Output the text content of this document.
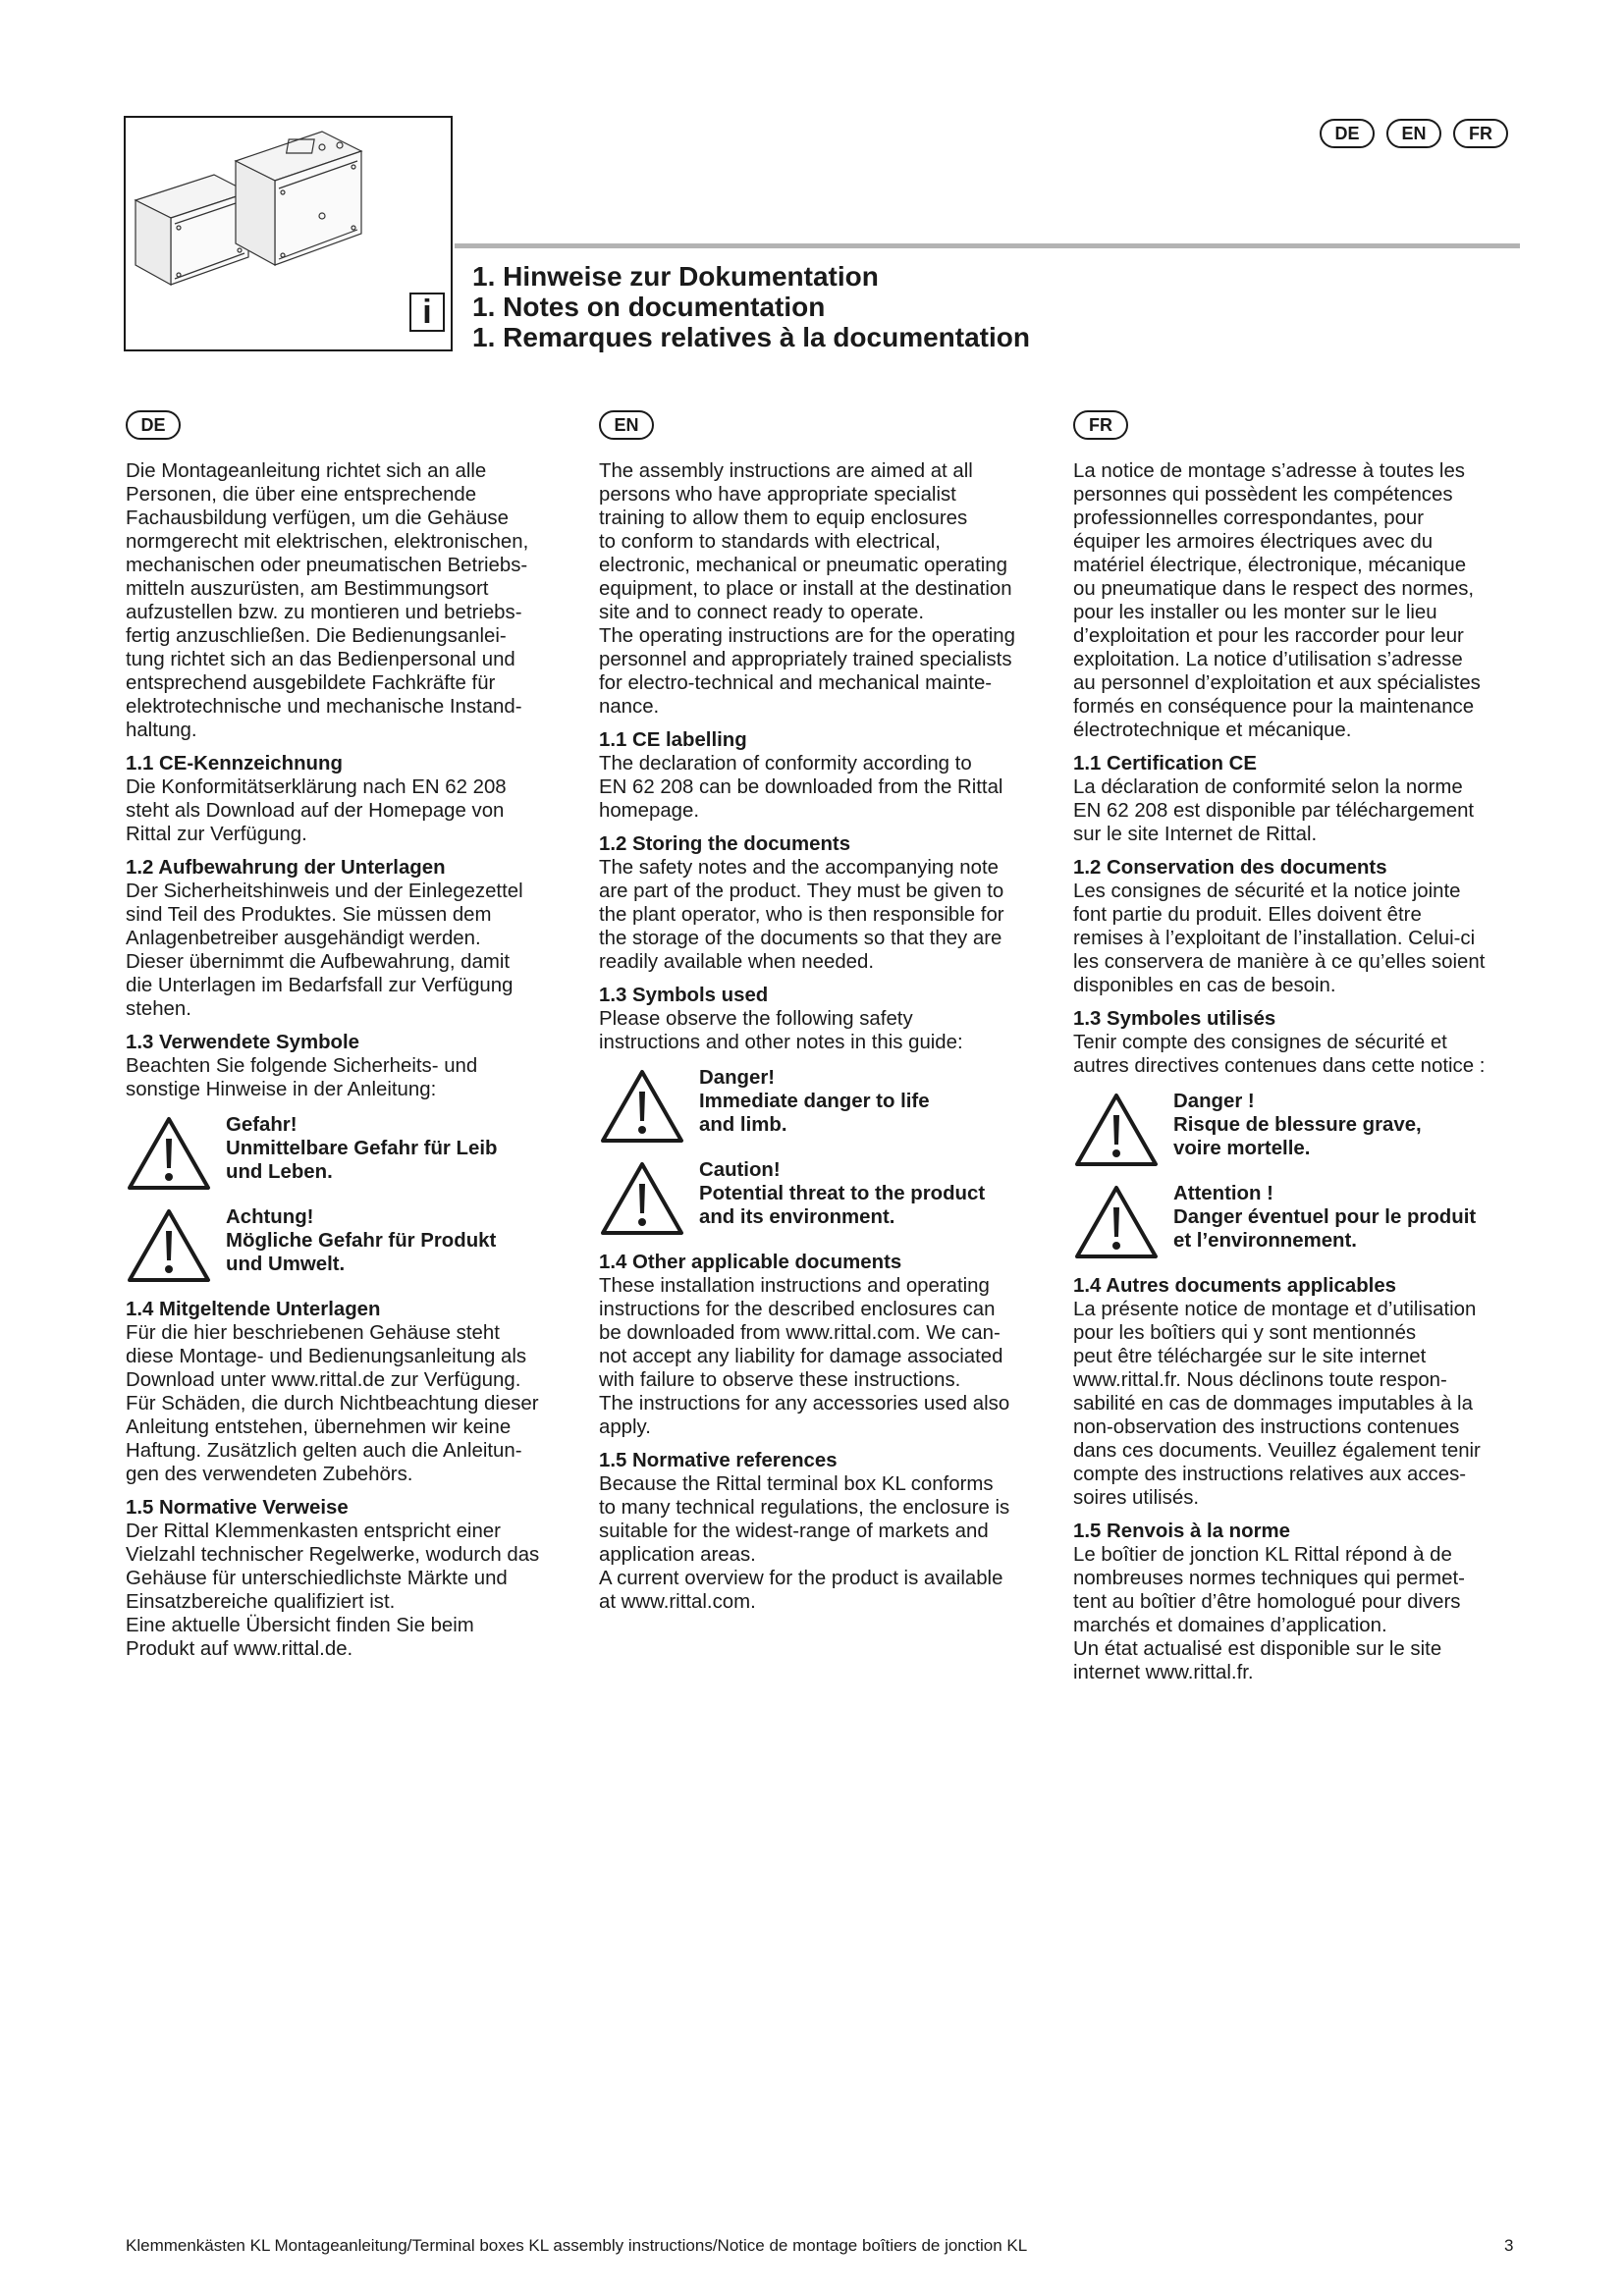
i
DE	EN	FR
1. Hinweise zur Dokumentation
1. Notes on documentation
1. Remarques relatives à la documentation
DE

Die Montageanleitung richtet sich an alle
Personen, die über eine entsprechende
Fachausbildung verfügen, um die Gehäuse
normgerecht mit elektrischen, elektronischen,
mechanischen oder pneumatischen Betriebs-
mitteln auszurüsten, am Bestimmungsort
aufzustellen bzw. zu montieren und betriebs-
fertig anzuschließen. Die Bedienungsanlei-
tung richtet sich an das Bedienpersonal und
entsprechend ausgebildete Fachkräfte für
elektrotechnische und mechanische Instand-
haltung.

1.1 CE-Kennzeichnung

Die Konformitätserklärung nach EN 62 208
steht als Download auf der Homepage von
Rittal zur Verfügung.

1.2 Aufbewahrung der Unterlagen

Der Sicherheitshinweis und der Einlegezettel
sind Teil des Produktes. Sie müssen dem
Anlagenbetreiber ausgehändigt werden.
Dieser übernimmt die Aufbewahrung, damit
die Unterlagen im Bedarfsfall zur Verfügung
stehen.

1.3 Verwendete Symbole

Beachten Sie folgende Sicherheits- und
sonstige Hinweise in der Anleitung:

Gefahr!
Unmittelbare Gefahr für Leib
und Leben.
Achtung!
Mögliche Gefahr für Produkt
und Umwelt.
1.4 Mitgeltende Unterlagen

Für die hier beschriebenen Gehäuse steht
diese Montage- und Bedienungsanleitung als
Download unter www.rittal.de zur Verfügung.
Für Schäden, die durch Nichtbeachtung dieser
Anleitung entstehen, übernehmen wir keine
Haftung. Zusätzlich gelten auch die Anleitun-
gen des verwendeten Zubehörs.

1.5 Normative Verweise

Der Rittal Klemmenkasten entspricht einer
Vielzahl technischer Regelwerke, wodurch das
Gehäuse für unterschiedlichste Märkte und
Einsatzbereiche qualifiziert ist.
Eine aktuelle Übersicht finden Sie beim
Produkt auf www.rittal.de.

EN

The assembly instructions are aimed at all
persons who have appropriate specialist
training to allow them to equip enclosures
to conform to standards with electrical,
electronic, mechanical or pneumatic operating
equipment, to place or install at the destination
site and to connect ready to operate.
The operating instructions are for the operating
personnel and appropriately trained specialists
for electro-technical and mechanical mainte-
nance.

1.1 CE labelling

The declaration of conformity according to
EN 62 208 can be downloaded from the Rittal
homepage.

1.2 Storing the documents

The safety notes and the accompanying note
are part of the product. They must be given to
the plant operator, who is then responsible for
the storage of the documents so that they are
readily available when needed.

1.3 Symbols used

Please observe the following safety
instructions and other notes in this guide:

Danger!
Immediate danger to life
and limb.
Caution!
Potential threat to the product
and its environment.
1.4 Other applicable documents

These installation instructions and operating
instructions for the described enclosures can
be downloaded from www.rittal.com. We can-
not accept any liability for damage associated
with failure to observe these instructions.
The instructions for any accessories used also
apply.

1.5 Normative references

Because the Rittal terminal box KL conforms
to many technical regulations, the enclosure is
suitable for the widest-range of markets and
application areas.
A current overview for the product is available
at www.rittal.com.

FR

La notice de montage s’adresse à toutes les
personnes qui possèdent les compétences
professionnelles correspondantes, pour
équiper les armoires électriques avec du
matériel électrique, électronique, mécanique
ou pneumatique dans le respect des normes,
pour les installer ou les monter sur le lieu
d’exploitation et pour les raccorder pour leur
exploitation. La notice d’utilisation s’adresse
au personnel d’exploitation et aux spécialistes
formés en conséquence pour la maintenance
électrotechnique et mécanique.

1.1 Certification CE

La déclaration de conformité selon la norme
EN 62 208 est disponible par téléchargement
sur le site Internet de Rittal.

1.2 Conservation des documents

Les consignes de sécurité et la notice jointe
font partie du produit. Elles doivent être
remises à l’exploitant de l’installation. Celui-ci
les conservera de manière à ce qu’elles soient
disponibles en cas de besoin.

1.3 Symboles utilisés

Tenir compte des consignes de sécurité et
autres directives contenues dans cette notice :

Danger !
Risque de blessure grave,
voire mortelle.
Attention !
Danger éventuel pour le produit
et l’environnement.
1.4 Autres documents applicables

La présente notice de montage et d’utilisation
pour les boîtiers qui y sont mentionnés
peut être téléchargée sur le site internet
www.rittal.fr. Nous déclinons toute respon-
sabilité en cas de dommages imputables à la
non-observation des instructions contenues
dans ces documents. Veuillez également tenir
compte des instructions relatives aux acces-
soires utilisés.

1.5 Renvois à la norme

Le boîtier de jonction KL Rittal répond à de
nombreuses normes techniques qui permet-
tent au boîtier d’être homologué pour divers
marchés et domaines d’application.
Un état actualisé est disponible sur le site
internet www.rittal.fr.

Klemmenkästen KL Montageanleitung/Terminal boxes KL assembly instructions/Notice de montage boîtiers de jonction KL	3
